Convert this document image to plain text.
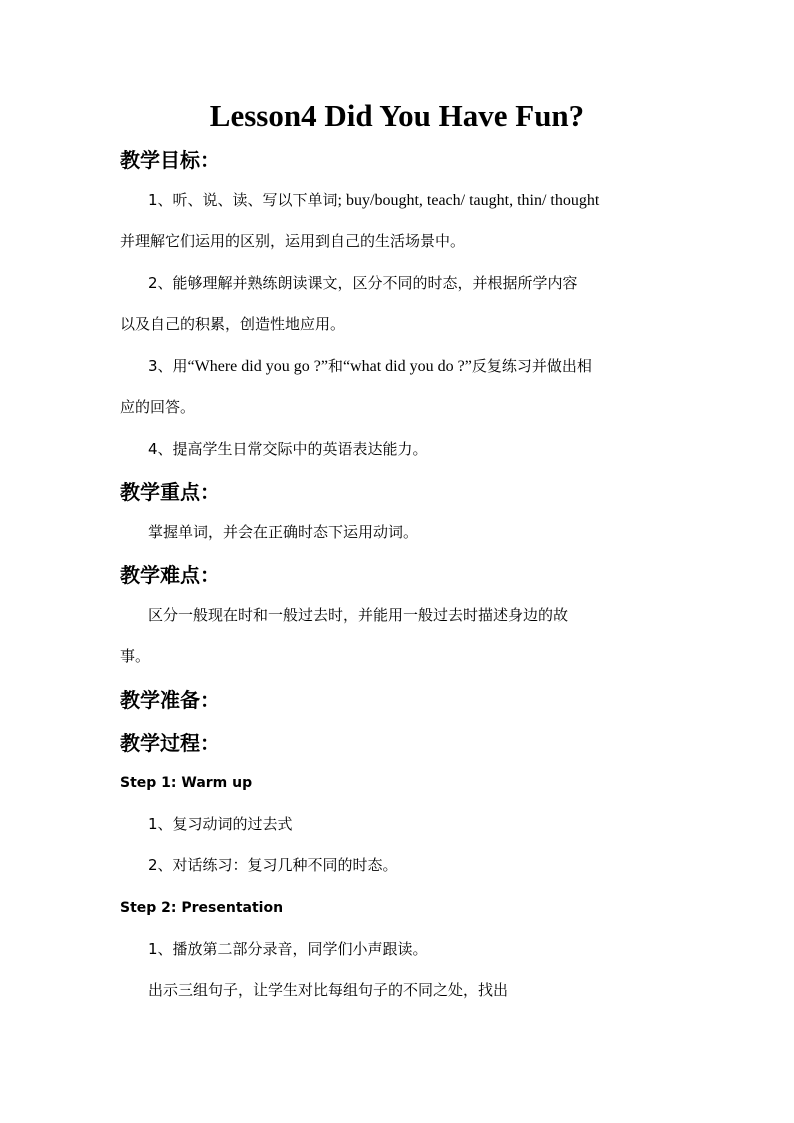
Lesson4 Did You Have Fun?
教学目标：
1、听、说、读、写以下单词; buy/bought, teach/ taught, thin/ thought
并理解它们运用的区别，运用到自己的生活场景中。
2、能够理解并熟练朗读课文，区分不同的时态，并根据所学内容
以及自己的积累，创造性地应用。
3、用“Where did you go ?”和“what did you do ?”反复练习并做出相
应的回答。
4、提高学生日常交际中的英语表达能力。
教学重点：
掌握单词，并会在正确时态下运用动词。
教学难点：
区分一般现在时和一般过去时，并能用一般过去时描述身边的故
事。
教学准备：
教学过程：
Step 1: Warm up
1、复习动词的过去式
2、对话练习：复习几种不同的时态。
Step 2: Presentation
1、播放第二部分录音，同学们小声跟读。
出示三组句子，让学生对比每组句子的不同之处，找出
